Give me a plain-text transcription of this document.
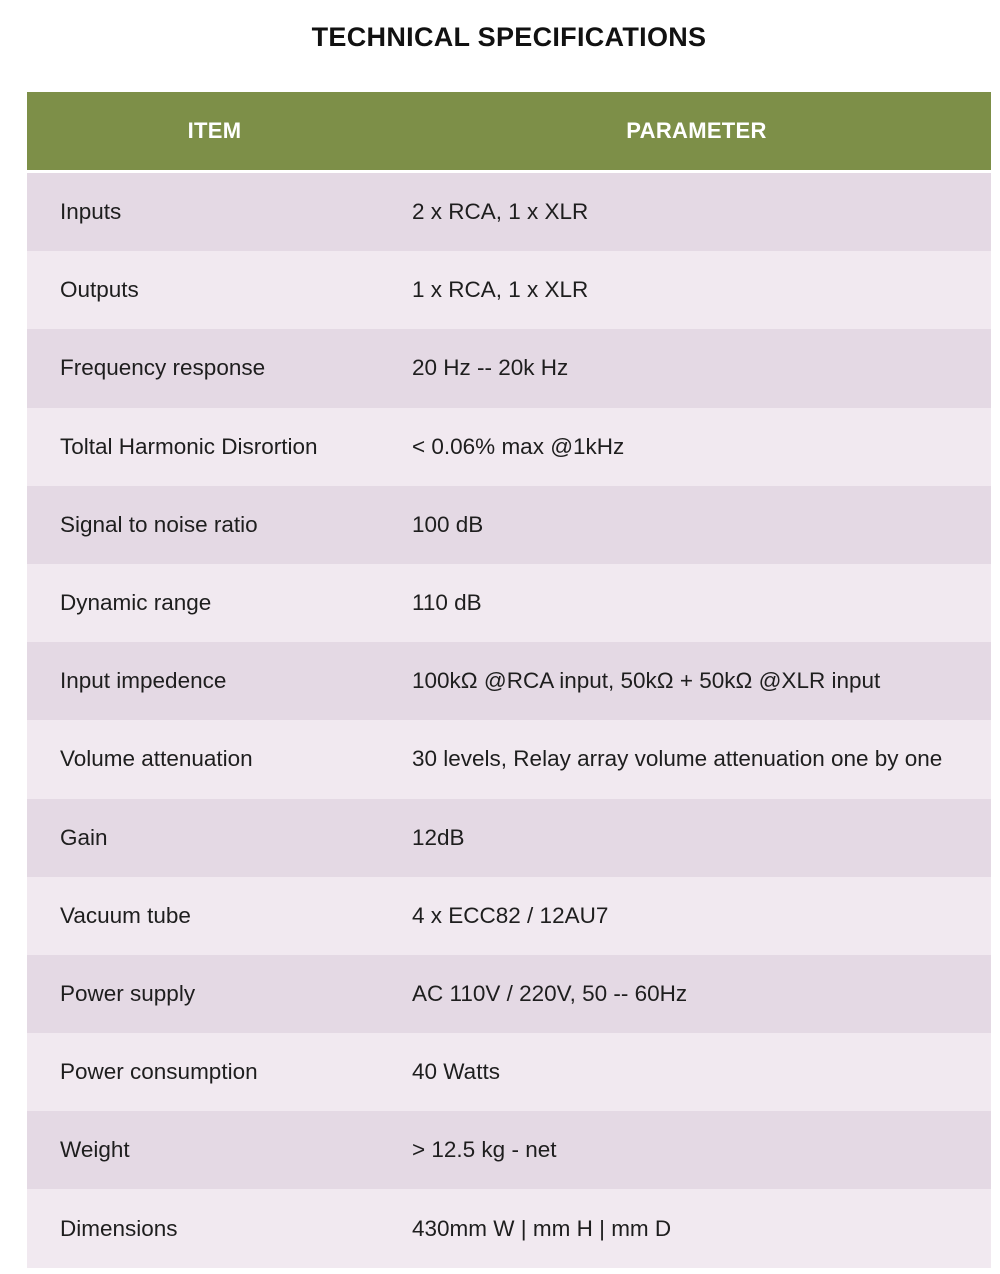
TECHNICAL SPECIFICATIONS
ITEM	PARAMETER
Inputs	2 x RCA, 1 x XLR
Outputs	1 x RCA, 1 x XLR
Frequency response	20 Hz -- 20k Hz
Toltal Harmonic Disrortion	< 0.06% max @1kHz
Signal to noise ratio	100 dB
Dynamic range	110 dB
Input impedence	100kΩ @RCA input, 50kΩ + 50kΩ @XLR input
Volume attenuation	30 levels, Relay array volume attenuation one by one
Gain	12dB
Vacuum tube	4 x ECC82 / 12AU7
Power supply	AC 110V / 220V, 50 -- 60Hz
Power consumption	40 Watts
Weight	> 12.5 kg - net
Dimensions	430mm W | mm H | mm D
